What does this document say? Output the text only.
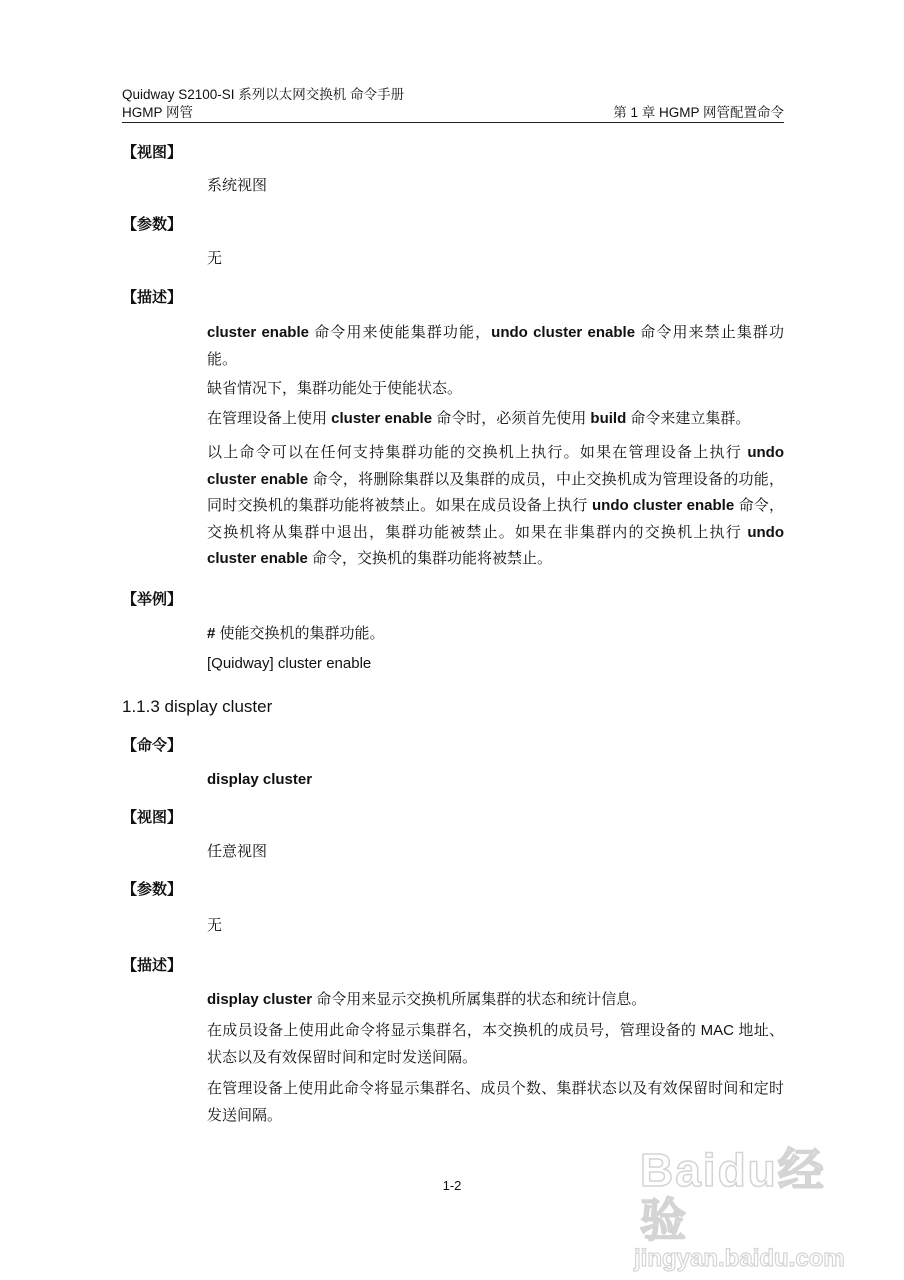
Quidway S2100-SI 系列以太网交换机 命令手册
HGMP 网管	第 1 章 HGMP 网管配置命令
【视图】
系统视图
【参数】
无
【描述】
cluster enable 命令用来使能集群功能，undo cluster enable 命令用来禁止集群功能。
缺省情况下，集群功能处于使能状态。
在管理设备上使用 cluster enable 命令时，必须首先使用 build 命令来建立集群。
以上命令可以在任何支持集群功能的交换机上执行。如果在管理设备上执行 undo cluster enable 命令，将删除集群以及集群的成员，中止交换机成为管理设备的功能，同时交换机的集群功能将被禁止。如果在成员设备上执行 undo cluster enable 命令，交换机将从集群中退出，集群功能被禁止。如果在非集群内的交换机上执行 undo cluster enable 命令，交换机的集群功能将被禁止。
【举例】
# 使能交换机的集群功能。
[Quidway] cluster enable
1.1.3 display cluster
【命令】
display cluster
【视图】
任意视图
【参数】
无
【描述】
display cluster 命令用来显示交换机所属集群的状态和统计信息。
在成员设备上使用此命令将显示集群名，本交换机的成员号，管理设备的 MAC 地址、状态以及有效保留时间和定时发送间隔。
在管理设备上使用此命令将显示集群名、成员个数、集群状态以及有效保留时间和定时发送间隔。
1-2	Baidu经验
jingyan.baidu.com
